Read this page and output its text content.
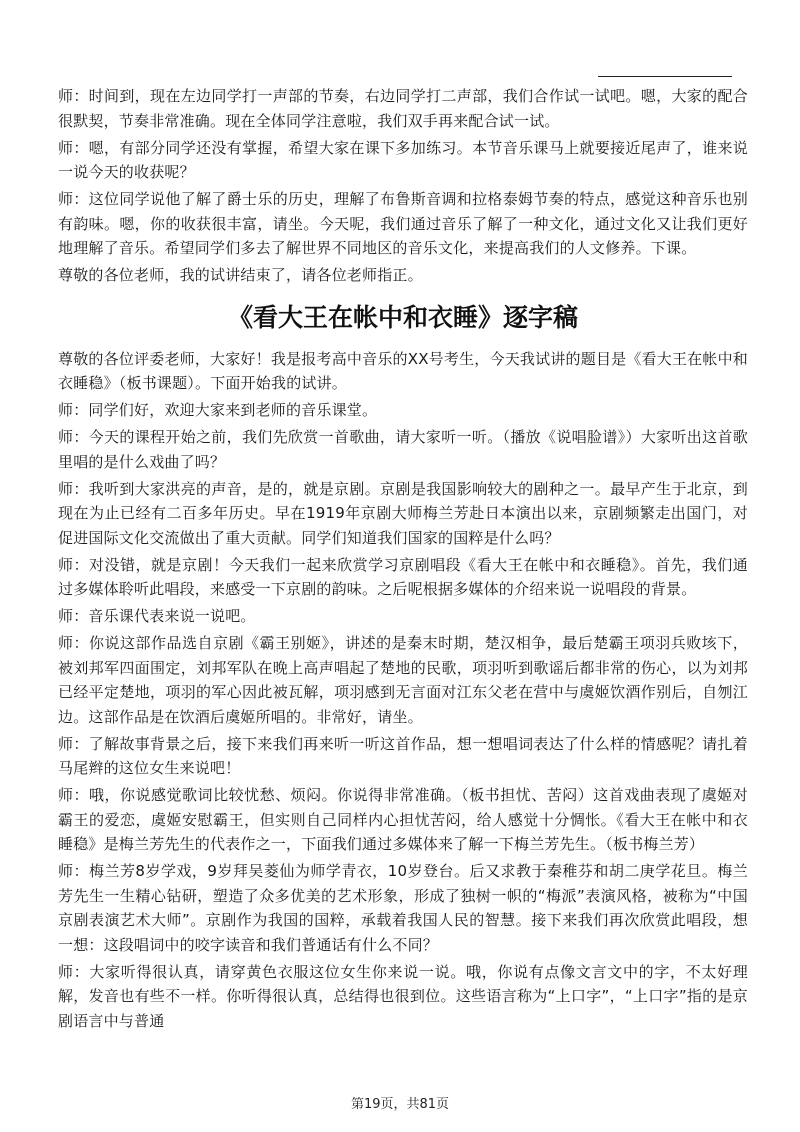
师：时间到，现在左边同学打一声部的节奏，右边同学打二声部，我们合作试一试吧。嗯，大家的配合很默契，节奏非常准确。现在全体同学注意啦，我们双手再来配合试一试。

师：嗯，有部分同学还没有掌握，希望大家在课下多加练习。本节音乐课马上就要接近尾声了，谁来说一说今天的收获呢？

师：这位同学说他了解了爵士乐的历史，理解了布鲁斯音调和拉格泰姆节奏的特点，感觉这种音乐也别有韵味。嗯，你的收获很丰富，请坐。今天呢，我们通过音乐了解了一种文化，通过文化又让我们更好地理解了音乐。希望同学们多去了解世界不同地区的音乐文化，来提高我们的人文修养。下课。

尊敬的各位老师，我的试讲结束了，请各位老师指正。

《看大王在帐中和衣睡》逐字稿

尊敬的各位评委老师，大家好！我是报考高中音乐的XX号考生，今天我试讲的题目是《看大王在帐中和衣睡稳》（板书课题）。下面开始我的试讲。

师：同学们好，欢迎大家来到老师的音乐课堂。

师：今天的课程开始之前，我们先欣赏一首歌曲，请大家听一听。（播放《说唱脸谱》）大家听出这首歌里唱的是什么戏曲了吗？

师：我听到大家洪亮的声音，是的，就是京剧。京剧是我国影响较大的剧种之一。最早产生于北京，到现在为止已经有二百多年历史。早在1919年京剧大师梅兰芳赴日本演出以来，京剧频繁走出国门，对促进国际文化交流做出了重大贡献。同学们知道我们国家的国粹是什么吗？

师：对没错，就是京剧！今天我们一起来欣赏学习京剧唱段《看大王在帐中和衣睡稳》。首先，我们通过多媒体聆听此唱段，来感受一下京剧的韵味。之后呢根据多媒体的介绍来说一说唱段的背景。

师：音乐课代表来说一说吧。

师：你说这部作品选自京剧《霸王别姬》，讲述的是秦末时期，楚汉相争，最后楚霸王项羽兵败垓下，被刘邦军四面围定，刘邦军队在晚上高声唱起了楚地的民歌，项羽听到歌谣后都非常的伤心，以为刘邦已经平定楚地，项羽的军心因此被瓦解，项羽感到无言面对江东父老在营中与虞姬饮酒作别后，自刎江边。这部作品是在饮酒后虞姬所唱的。非常好，请坐。

师：了解故事背景之后，接下来我们再来听一听这首作品，想一想唱词表达了什么样的情感呢？请扎着马尾辫的这位女生来说吧！

师：哦，你说感觉歌词比较忧愁、烦闷。你说得非常准确。（板书担忧、苦闷）这首戏曲表现了虞姬对霸王的爱恋，虞姬安慰霸王，但实则自己同样内心担忧苦闷，给人感觉十分惆怅。《看大王在帐中和衣睡稳》是梅兰芳先生的代表作之一，下面我们通过多媒体来了解一下梅兰芳先生。（板书梅兰芳）

师：梅兰芳8岁学戏，9岁拜吴菱仙为师学青衣，10岁登台。后又求教于秦稚芬和胡二庚学花旦。梅兰芳先生一生精心钻研，塑造了众多优美的艺术形象，形成了独树一帜的“梅派”表演风格，被称为“中国京剧表演艺术大师”。京剧作为我国的国粹，承载着我国人民的智慧。接下来我们再次欣赏此唱段，想一想：这段唱词中的咬字读音和我们普通话有什么不同？

师：大家听得很认真，请穿黄色衣服这位女生你来说一说。哦，你说有点像文言文中的字，不太好理解，发音也有些不一样。你听得很认真，总结得也很到位。这些语言称为“上口字”，“上口字”指的是京剧语言中与普通

第19页，共81页
